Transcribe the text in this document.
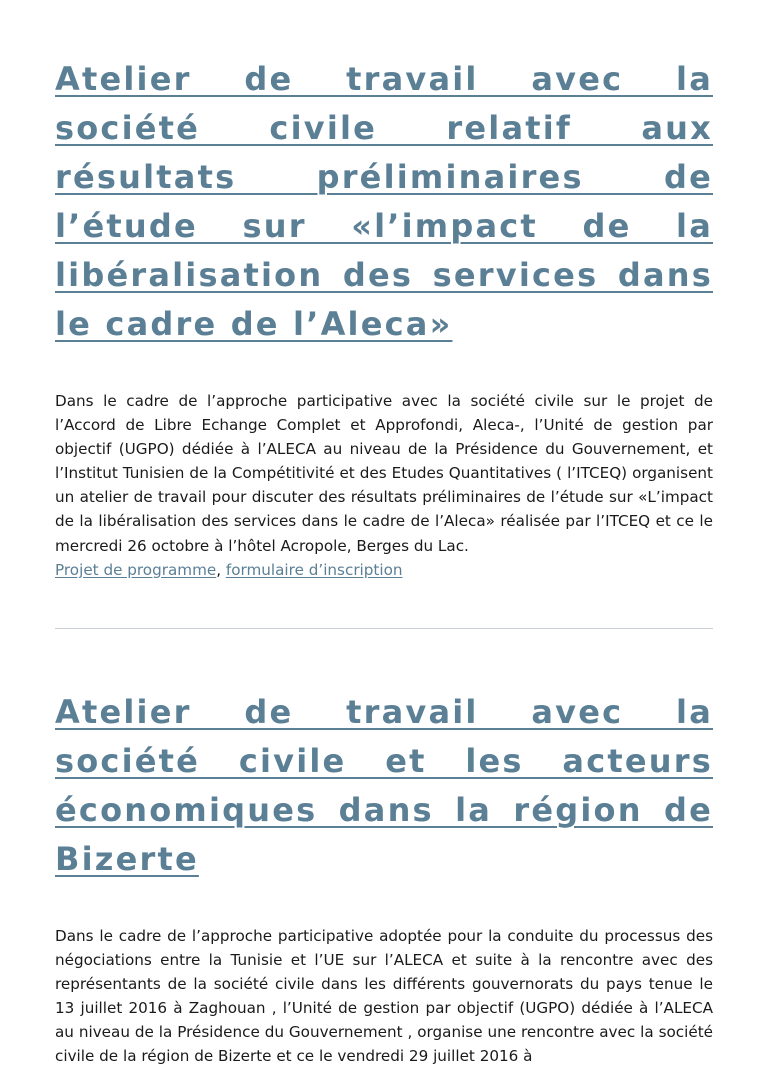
Atelier de travail avec la société civile relatif aux résultats préliminaires de l’étude sur «l’impact de la libéralisation des services dans le cadre de l’Aleca»

Dans le cadre de l’approche participative avec la société civile sur le projet de l’Accord de Libre Echange Complet et Approfondi, Aleca-, l’Unité de gestion par objectif (UGPO) dédiée à l’ALECA au niveau de la Présidence du Gouvernement, et l’Institut Tunisien de la Compétitivité et des Etudes Quantitatives ( l’ITCEQ) organisent un atelier de travail pour discuter des résultats préliminaires de l’étude sur «L’impact de la libéralisation des services dans le cadre de l’Aleca» réalisée par l’ITCEQ et ce le mercredi 26 octobre à l’hôtel Acropole, Berges du Lac.

Projet de programme, formulaire d’inscription

Atelier de travail avec la société civile et les acteurs économiques dans la région de Bizerte

Dans le cadre de l’approche participative adoptée pour la conduite du processus des négociations entre la Tunisie et l’UE sur l’ALECA et suite à la rencontre avec des représentants de la société civile dans les différents gouvernorats du pays tenue le 13 juillet 2016 à Zaghouan , l’Unité de gestion par objectif (UGPO) dédiée à l’ALECA au niveau de la Présidence du Gouvernement , organise une rencontre avec la société civile de la région de Bizerte et ce le vendredi 29 juillet 2016 à
